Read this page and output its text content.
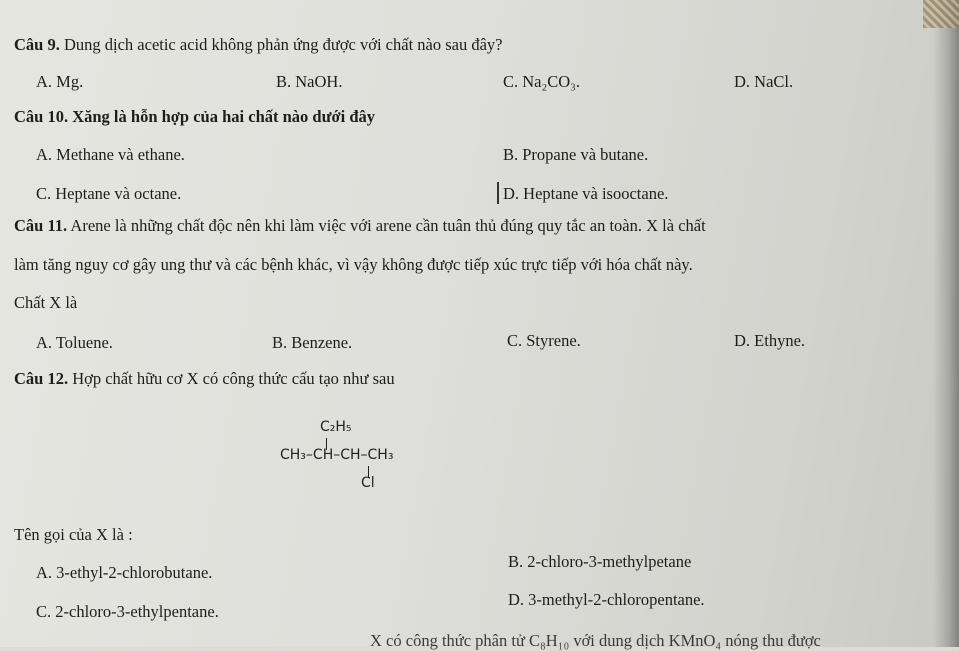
Câu 9. Dung dịch acetic acid không phản ứng được với chất nào sau đây?
A. Mg.	B. NaOH.	C. Na₂CO₃.	D. NaCl.
Câu 10. Xăng là hỗn hợp của hai chất nào dưới đây
A. Methane và ethane.	B. Propane và butane.
C. Heptane và octane.	D. Heptane và isooctane.
Câu 11. Arene là những chất độc nên khi làm việc với arene cần tuân thủ đúng quy tắc an toàn. X là chất
làm tăng nguy cơ gây ung thư và các bệnh khác, vì vậy không được tiếp xúc trực tiếp với hóa chất này.
Chất X là
A. Toluene.	B. Benzene.	C. Styrene.	D. Ethyne.
Câu 12. Hợp chất hữu cơ X có công thức cấu tạo như sau
C₂H₅
CH₃–CH–CH–CH₃
Cl
Tên gọi của X là :
A. 3-ethyl-2-chlorobutane.
B. 2-chloro-3-methylpetane
C. 2-chloro-3-ethylpentane.
D. 3-methyl-2-chloropentane.
X có công thức phân tử C₈H₁₀ với dung dịch KMnO₄ nóng thu được
